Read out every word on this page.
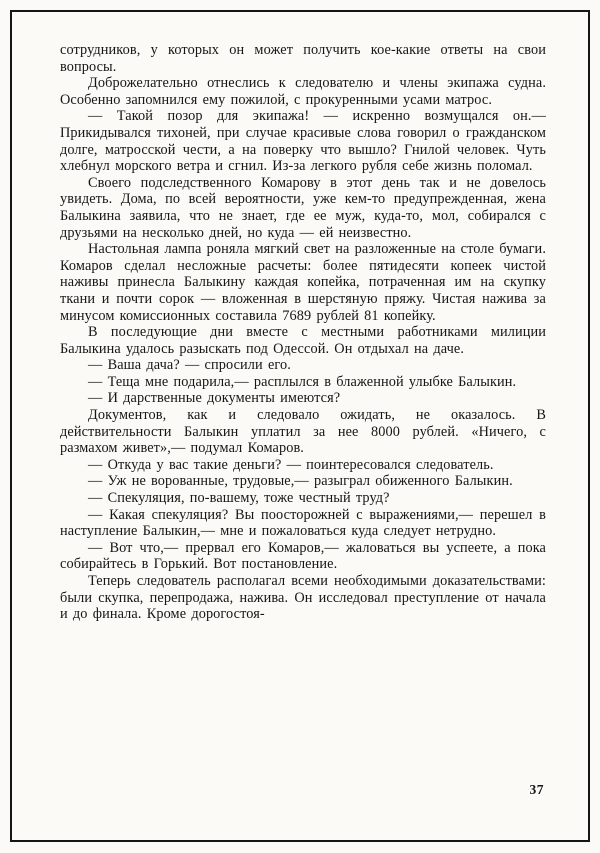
сотрудников, у которых он может получить кое-какие ответы на свои вопросы.

Доброжелательно отнеслись к следователю и члены экипажа судна. Особенно запомнился ему пожилой, с прокуренными усами матрос.

— Такой позор для экипажа! — искренно возмущался он.— Прикидывался тихоней, при случае красивые слова говорил о гражданском долге, матросской чести, а на поверку что вышло? Гнилой человек. Чуть хлебнул морского ветра и сгнил. Из-за легкого рубля себе жизнь поломал.

Своего подследственного Комарову в этот день так и не довелось увидеть. Дома, по всей вероятности, уже кем-то предупрежденная, жена Балыкина заявила, что не знает, где ее муж, куда-то, мол, собирался с друзьями на несколько дней, но куда — ей неизвестно.

Настольная лампа роняла мягкий свет на разложенные на столе бумаги. Комаров сделал несложные расчеты: более пятидесяти копеек чистой наживы принесла Балыкину каждая копейка, потраченная им на скупку ткани и почти сорок — вложенная в шерстяную пряжу. Чистая нажива за минусом комиссионных составила 7689 рублей 81 копейку.

В последующие дни вместе с местными работниками милиции Балыкина удалось разыскать под Одессой. Он отдыхал на даче.

— Ваша дача? — спросили его.

— Теща мне подарила,— расплылся в блаженной улыбке Балыкин.

— И дарственные документы имеются?

Документов, как и следовало ожидать, не оказалось. В действительности Балыкин уплатил за нее 8000 рублей. «Ничего, с размахом живет»,— подумал Комаров.

— Откуда у вас такие деньги? — поинтересовался следователь.

— Уж не ворованные, трудовые,— разыграл обиженного Балыкин.

— Спекуляция, по-вашему, тоже честный труд?

— Какая спекуляция? Вы поосторожней с выражениями,— перешел в наступление Балыкин,— мне и пожаловаться куда следует нетрудно.

— Вот что,— прервал его Комаров,— жаловаться вы успеете, а пока собирайтесь в Горький. Вот постановление.

Теперь следователь располагал всеми необходимыми доказательствами: были скупка, перепродажа, нажива. Он исследовал преступление от начала и до финала. Кроме дорогостоя-

37
